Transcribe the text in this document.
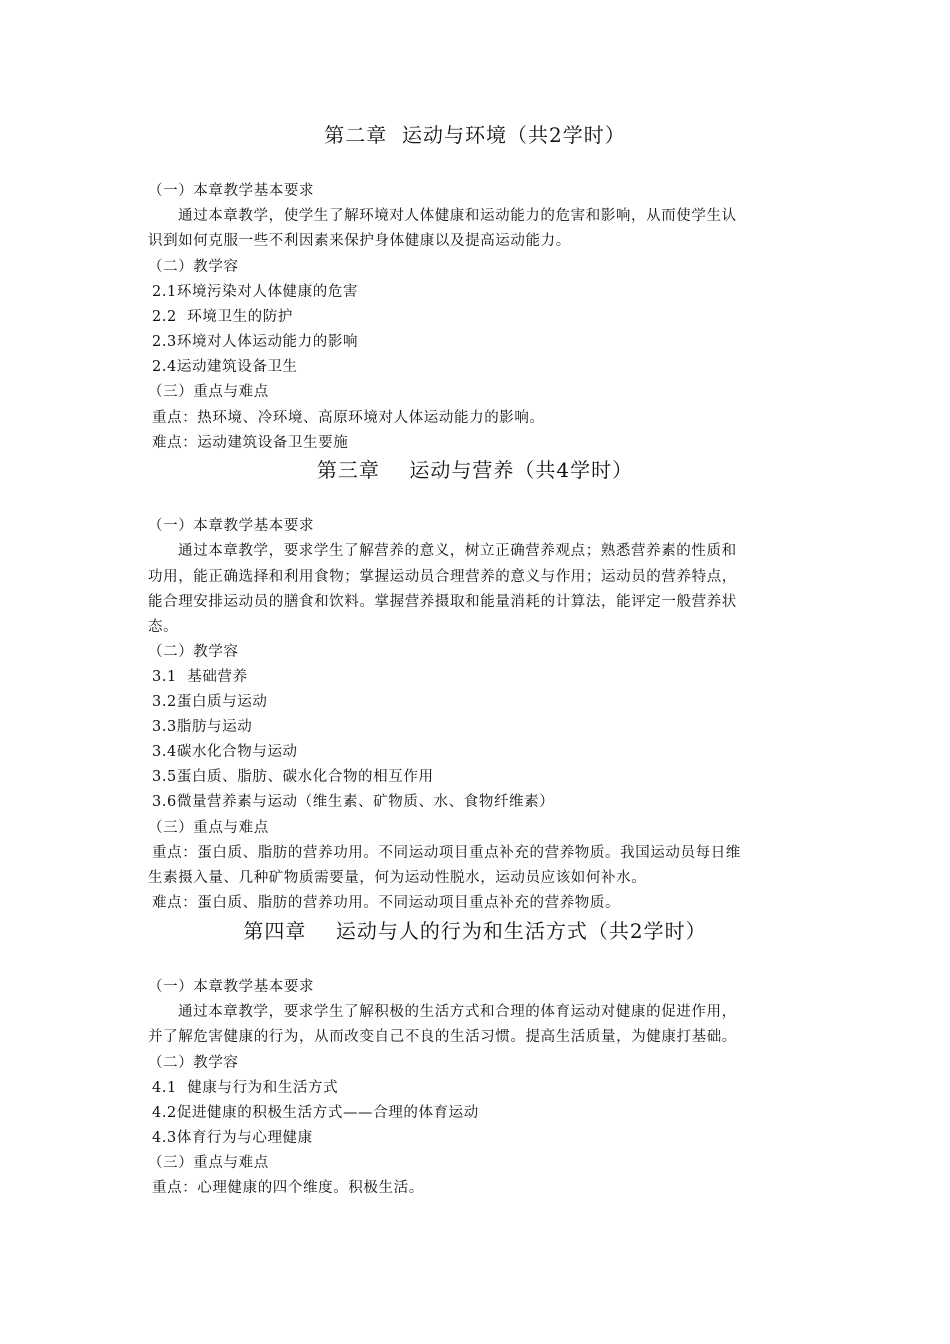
第二章  运动与环境（共2学时）
（一）本章教学基本要求
通过本章教学，使学生了解环境对人体健康和运动能力的危害和影响，从而使学生认
识到如何克服一些不利因素来保护身体健康以及提高运动能力。
（二）教学容
2.1环境污染对人体健康的危害
2.2  环境卫生的防护
2.3环境对人体运动能力的影响
2.4运动建筑设备卫生
（三）重点与难点
重点：热环境、冷环境、高原环境对人体运动能力的影响。
难点：运动建筑设备卫生要施
第三章    运动与营养（共4学时）
（一）本章教学基本要求
通过本章教学，要求学生了解营养的意义，树立正确营养观点；熟悉营养素的性质和
功用，能正确选择和利用食物；掌握运动员合理营养的意义与作用；运动员的营养特点，
能合理安排运动员的膳食和饮料。掌握营养摄取和能量消耗的计算法，能评定一般营养状
态。
（二）教学容
3.1  基础营养
3.2蛋白质与运动
3.3脂肪与运动
3.4碳水化合物与运动
3.5蛋白质、脂肪、碳水化合物的相互作用
3.6微量营养素与运动（维生素、矿物质、水、食物纤维素）
（三）重点与难点
重点：蛋白质、脂肪的营养功用。不同运动项目重点补充的营养物质。我国运动员每日维
生素摄入量、几种矿物质需要量，何为运动性脱水，运动员应该如何补水。
难点：蛋白质、脂肪的营养功用。不同运动项目重点补充的营养物质。
第四章    运动与人的行为和生活方式（共2学时）
（一）本章教学基本要求
通过本章教学，要求学生了解积极的生活方式和合理的体育运动对健康的促进作用，
并了解危害健康的行为，从而改变自己不良的生活习惯。提高生活质量，为健康打基础。
（二）教学容
4.1  健康与行为和生活方式
4.2促进健康的积极生活方式——合理的体育运动
4.3体育行为与心理健康
（三）重点与难点
重点：心理健康的四个维度。积极生活。
